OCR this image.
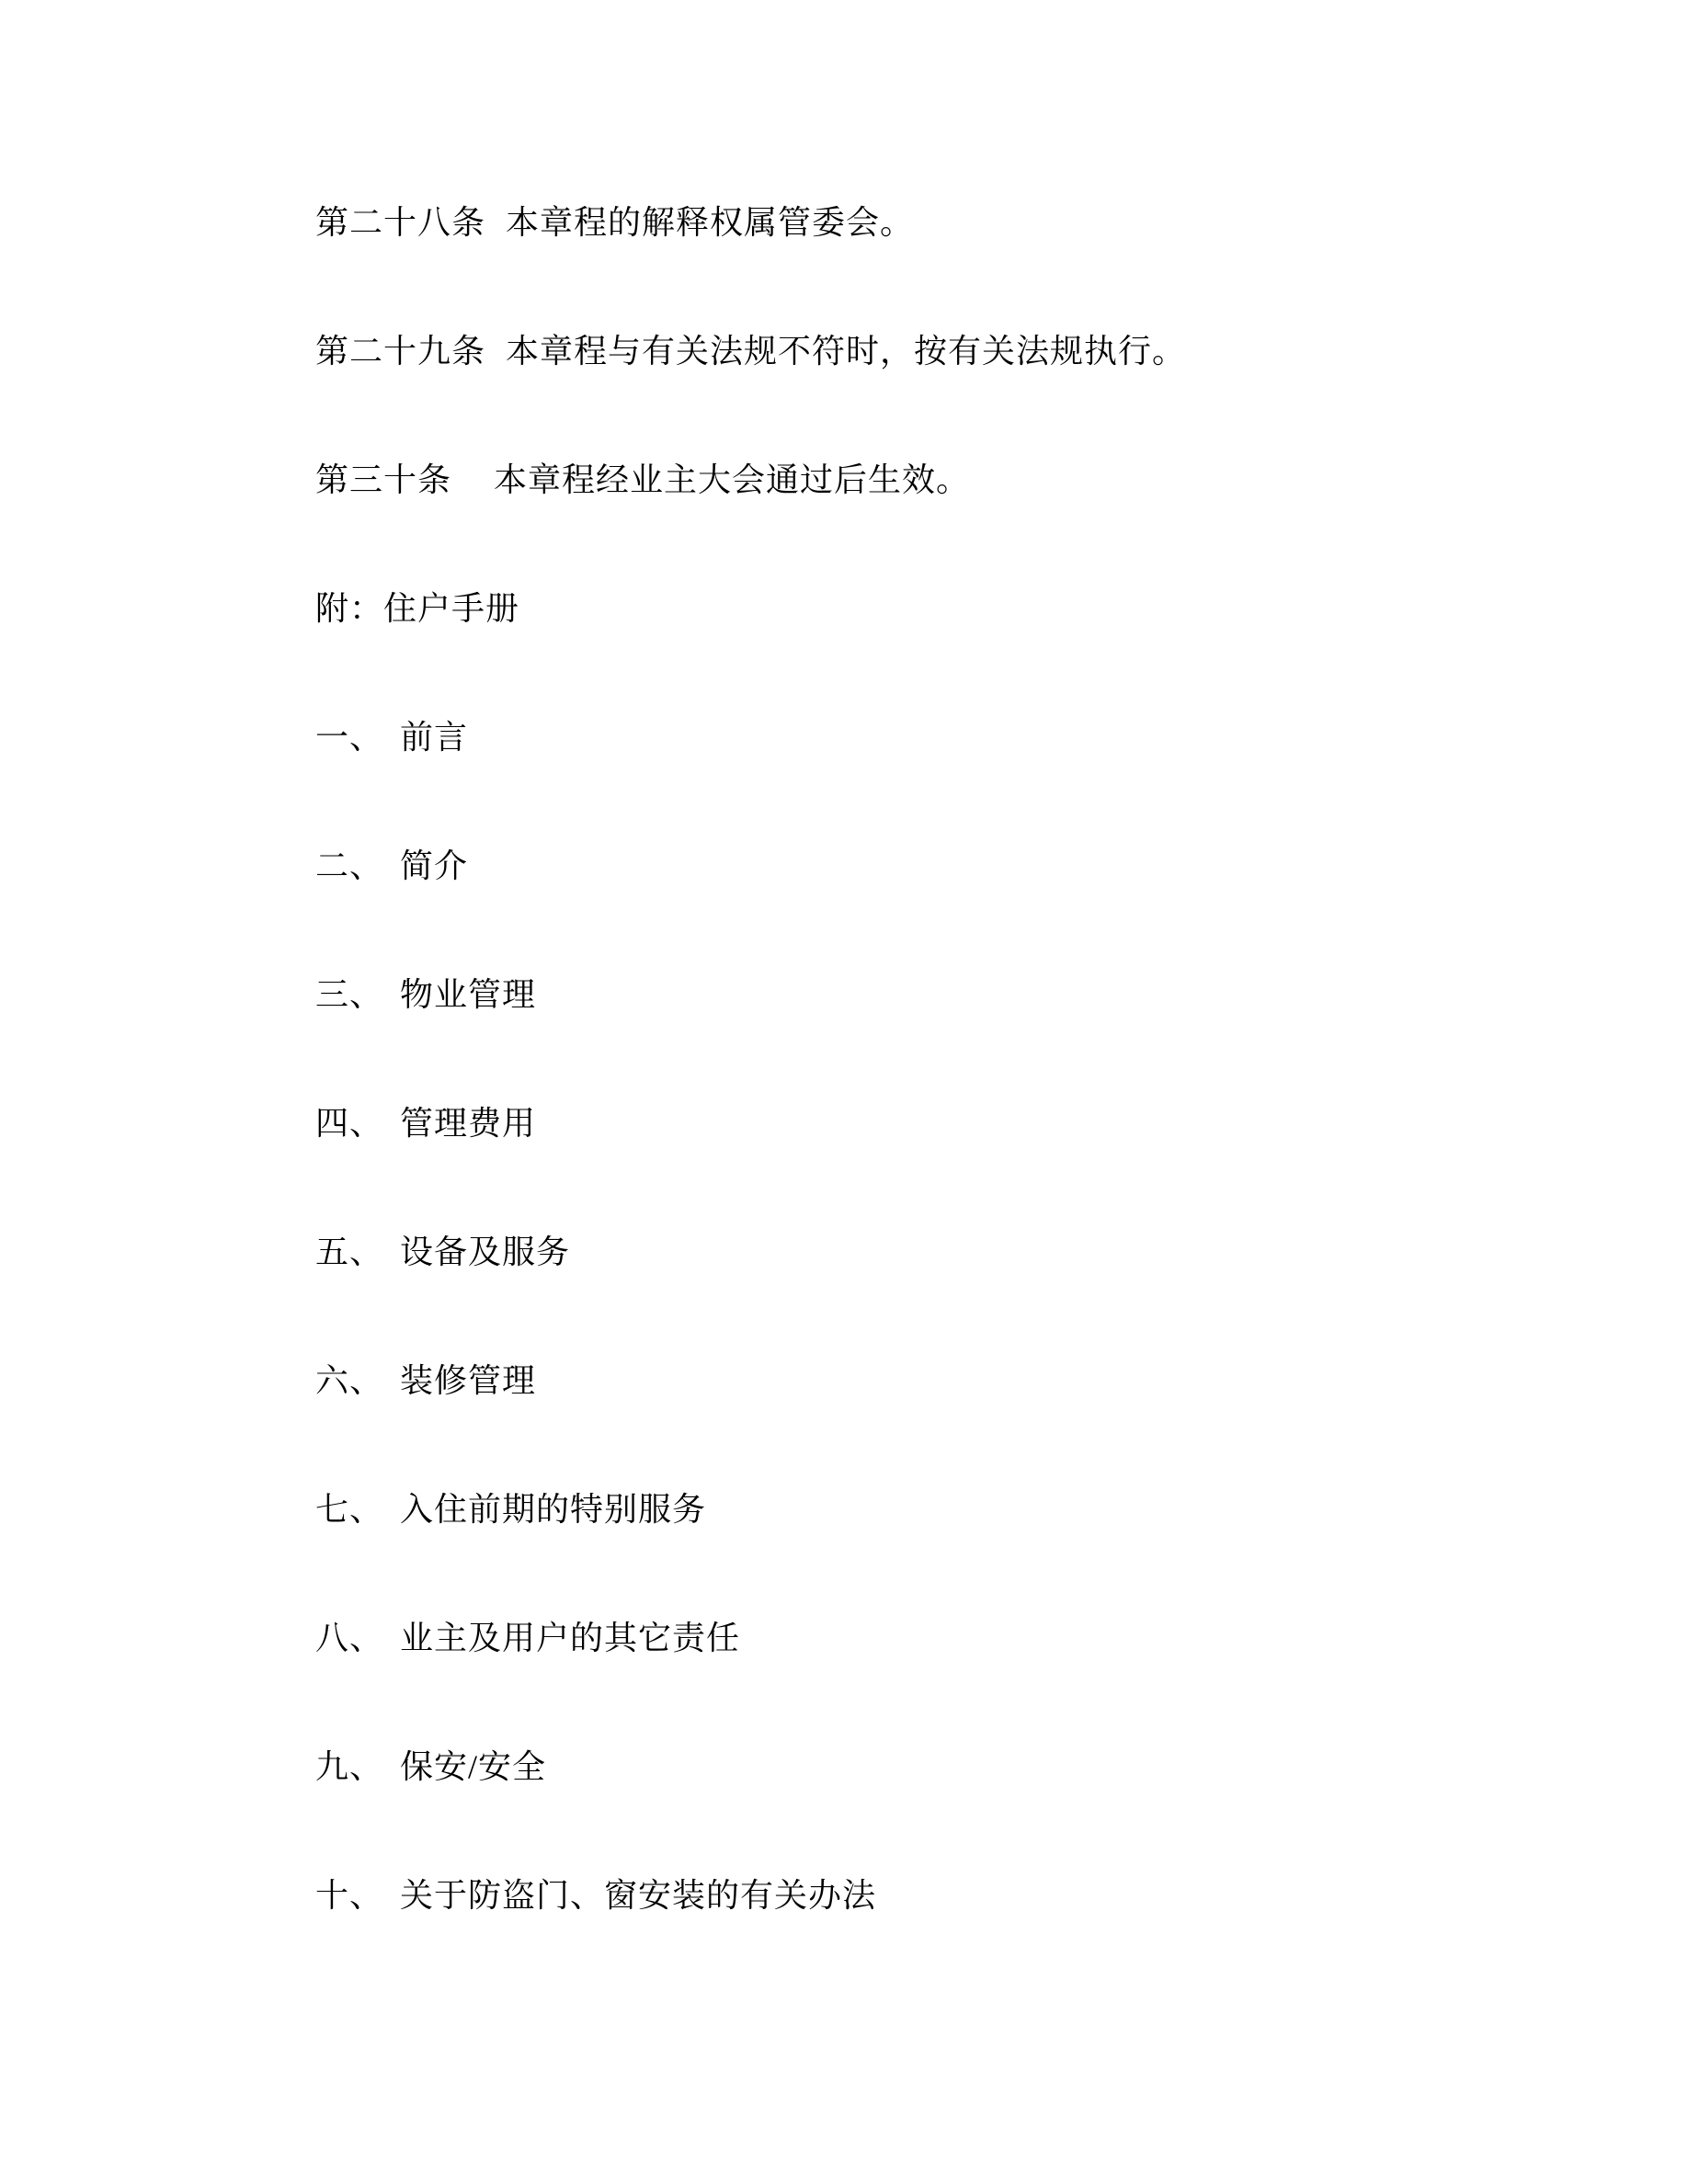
第二十八条 本章程的解释权属管委会。
第二十九条 本章程与有关法规不符时，按有关法规执行。
第三十条 本章程经业主大会通过后生效。
附：住户手册
一、 前言
二、 简介
三、 物业管理
四、 管理费用
五、 设备及服务
六、 装修管理
七、 入住前期的特别服务
八、 业主及用户的其它责任
九、 保安/安全
十、 关于防盗门、窗安装的有关办法
